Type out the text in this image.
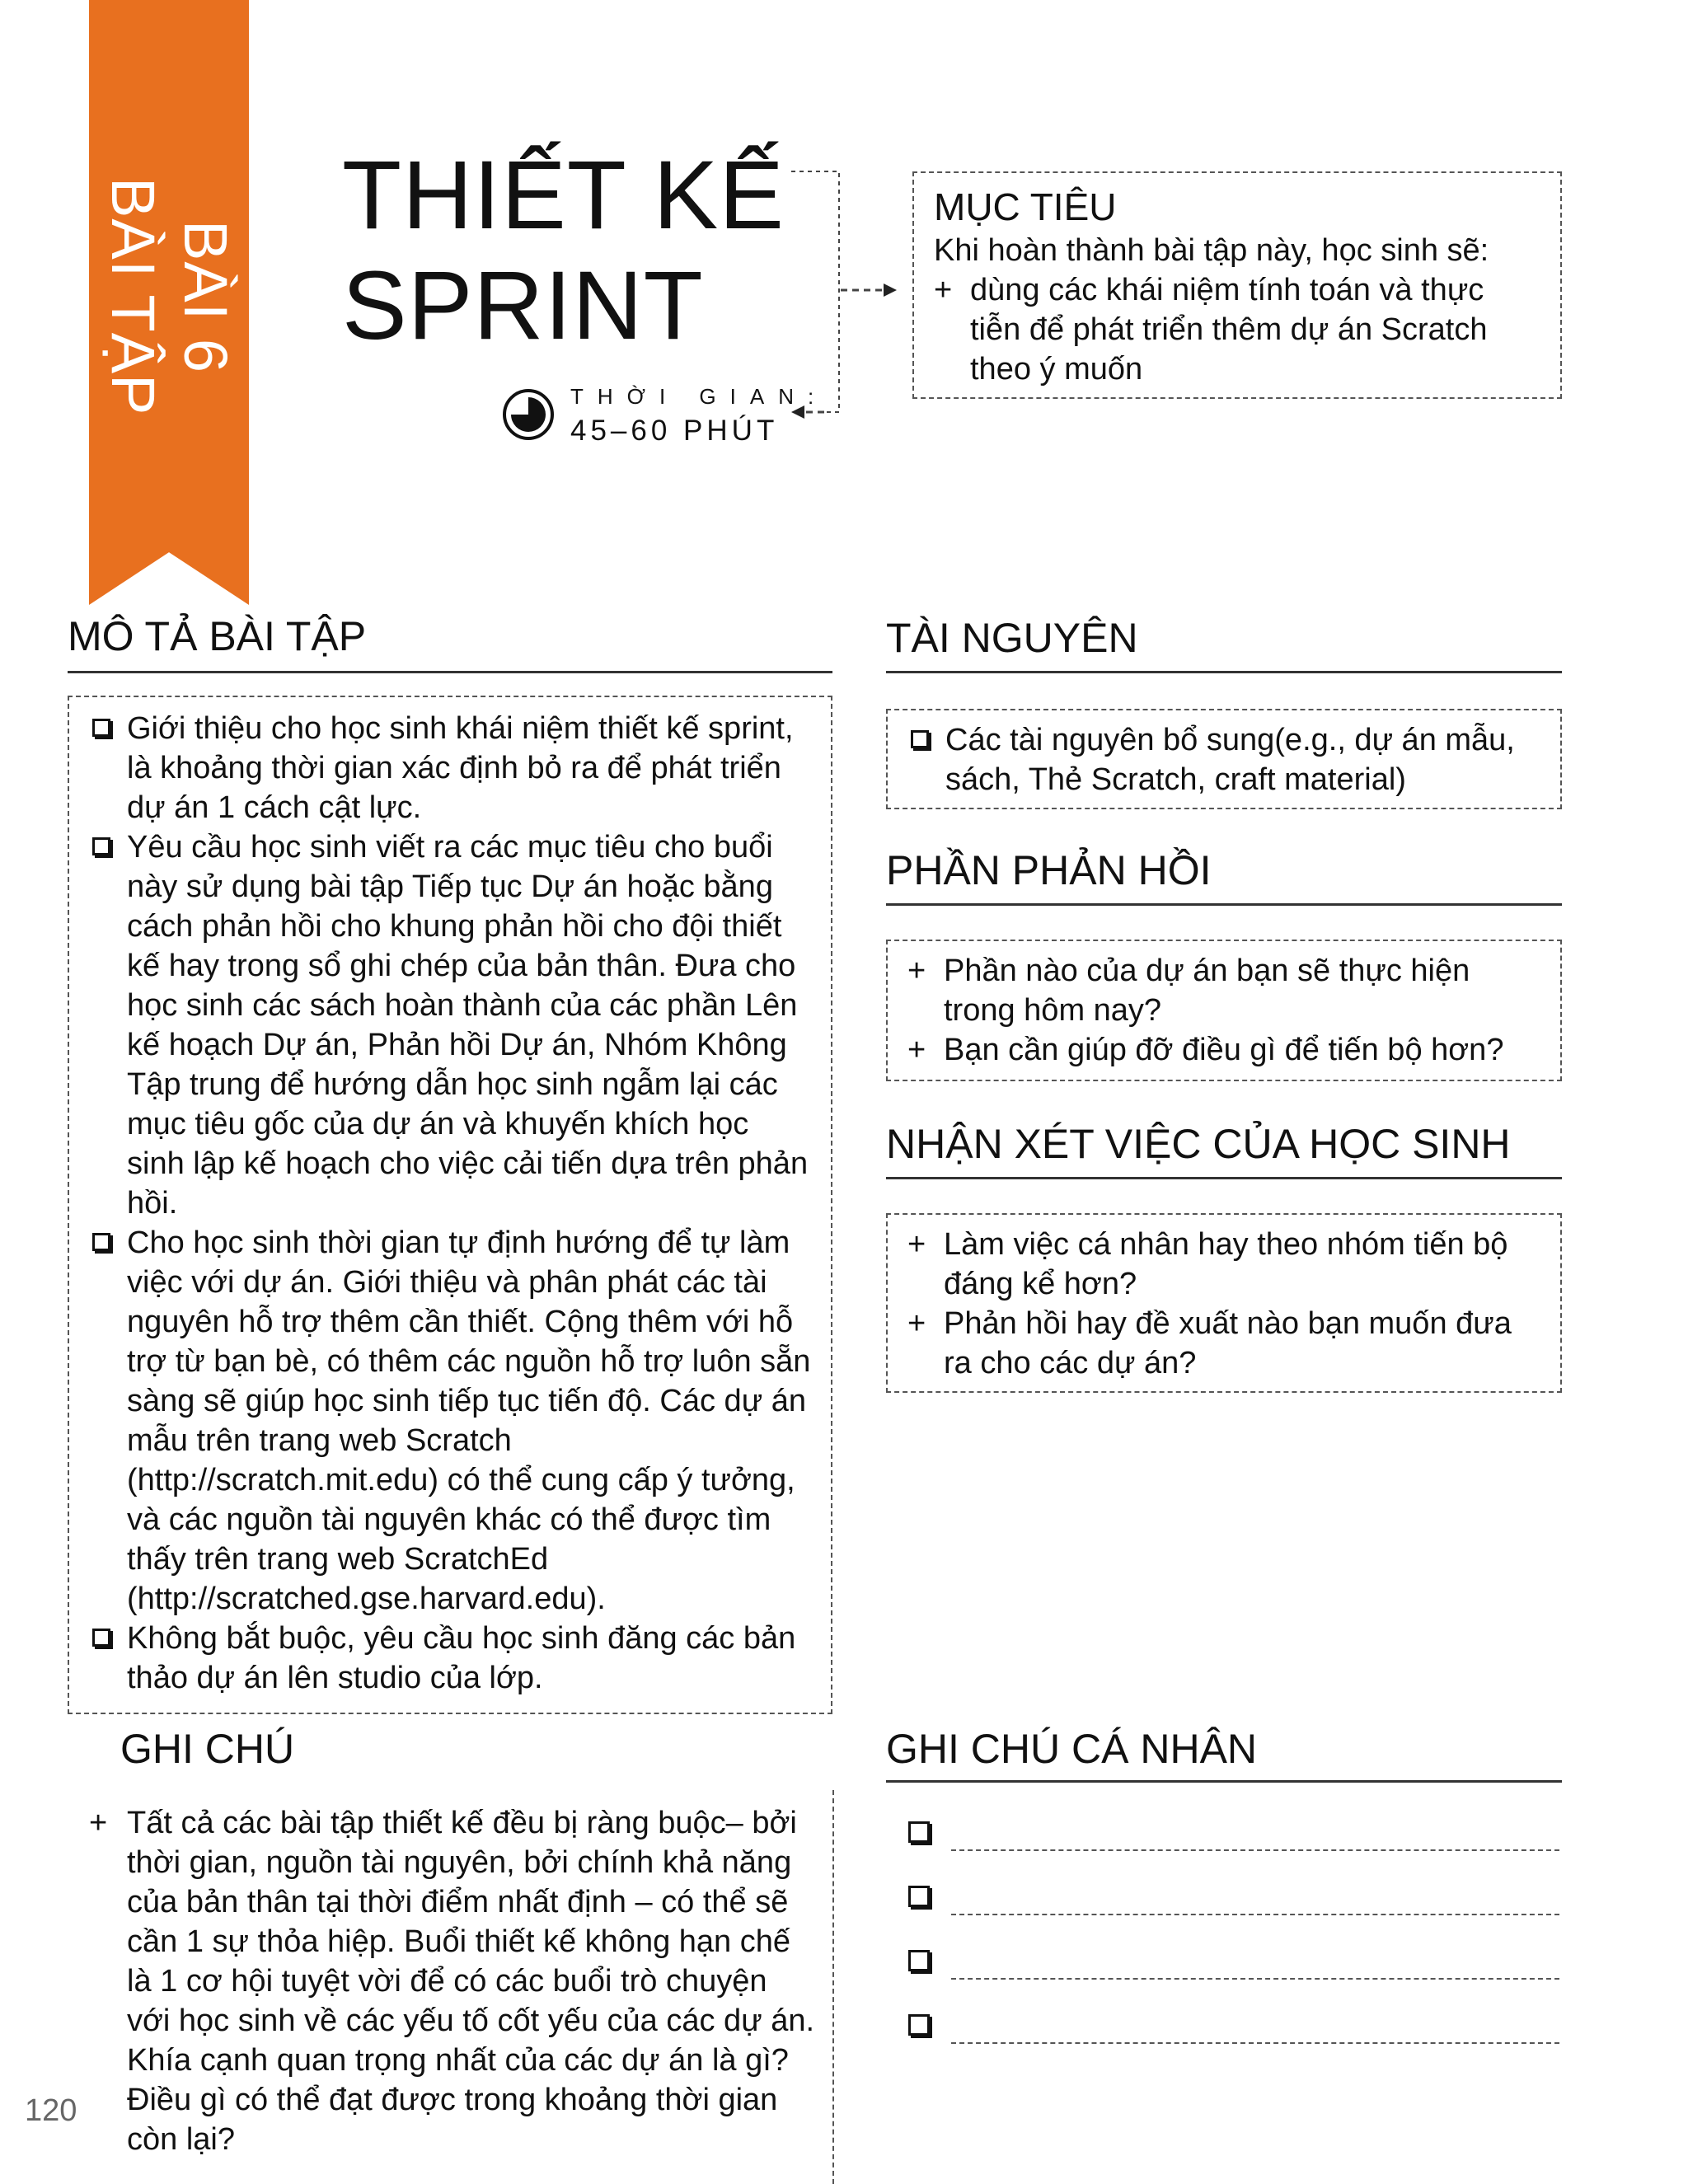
BÀI TẬP BÀI 6
THIẾT KẾ
SPRINT
THỜI GIAN:
45–60 PHÚT
MỤC TIÊU
Khi hoàn thành bài tập này, học sinh sẽ:
+ dùng các khái niệm tính toán và thực tiễn để phát triển thêm dự án Scratch theo ý muốn
MÔ TẢ BÀI TẬP
Giới thiệu cho học sinh khái niệm thiết kế sprint, là khoảng thời gian xác định bỏ ra để phát triển dự án 1 cách cật lực.
Yêu cầu học sinh viết ra các mục tiêu cho buổi này sử dụng bài tập Tiếp tục Dự án hoặc bằng cách phản hồi cho khung phản hồi cho đội thiết kế hay trong sổ ghi chép của bản thân. Đưa cho học sinh các sách hoàn thành của các phần Lên kế hoạch Dự án, Phản hồi Dự án, Nhóm Không Tập trung để hướng dẫn học sinh ngẫm lại các mục tiêu gốc của dự án và khuyến khích học sinh lập kế hoạch cho việc cải tiến dựa trên phản hồi.
Cho học sinh thời gian tự định hướng để tự làm việc với dự án. Giới thiệu và phân phát các tài nguyên hỗ trợ thêm cần thiết. Cộng thêm với hỗ trợ từ bạn bè, có thêm các nguồn hỗ trợ luôn sẵn sàng sẽ giúp học sinh tiếp tục tiến độ. Các dự án mẫu trên trang web Scratch (http://scratch.mit.edu) có thể cung cấp ý tưởng, và các nguồn tài nguyên khác có thể được tìm thấy trên trang web ScratchEd (http://scratched.gse.harvard.edu).
Không bắt buộc, yêu cầu học sinh đăng các bản thảo dự án lên studio của lớp.
TÀI NGUYÊN
Các tài nguyên bổ sung(e.g., dự án mẫu, sách, Thẻ Scratch, craft material)
PHẦN PHẢN HỒI
+ Phần nào của dự án bạn sẽ thực hiện trong hôm nay?
+ Bạn cần giúp đỡ điều gì để tiến bộ hơn?
NHẬN XÉT VIỆC CỦA HỌC SINH
+ Làm việc cá nhân hay theo nhóm tiến bộ đáng kể hơn?
+ Phản hồi hay đề xuất nào bạn muốn đưa ra cho các dự án?
GHI CHÚ
+ Tất cả các bài tập thiết kế đều bị ràng buộc– bởi thời gian, nguồn tài nguyên, bởi chính khả năng của bản thân tại thời điểm nhất định – có thể sẽ cần 1 sự thỏa hiệp. Buổi thiết kế không hạn chế là 1 cơ hội tuyệt vời để có các buổi trò chuyện với học sinh về các yếu tố cốt yếu của các dự án. Khía cạnh quan trọng nhất của các dự án là gì? Điều gì có thể đạt được trong khoảng thời gian còn lại?
120
GHI CHÚ CÁ NHÂN
